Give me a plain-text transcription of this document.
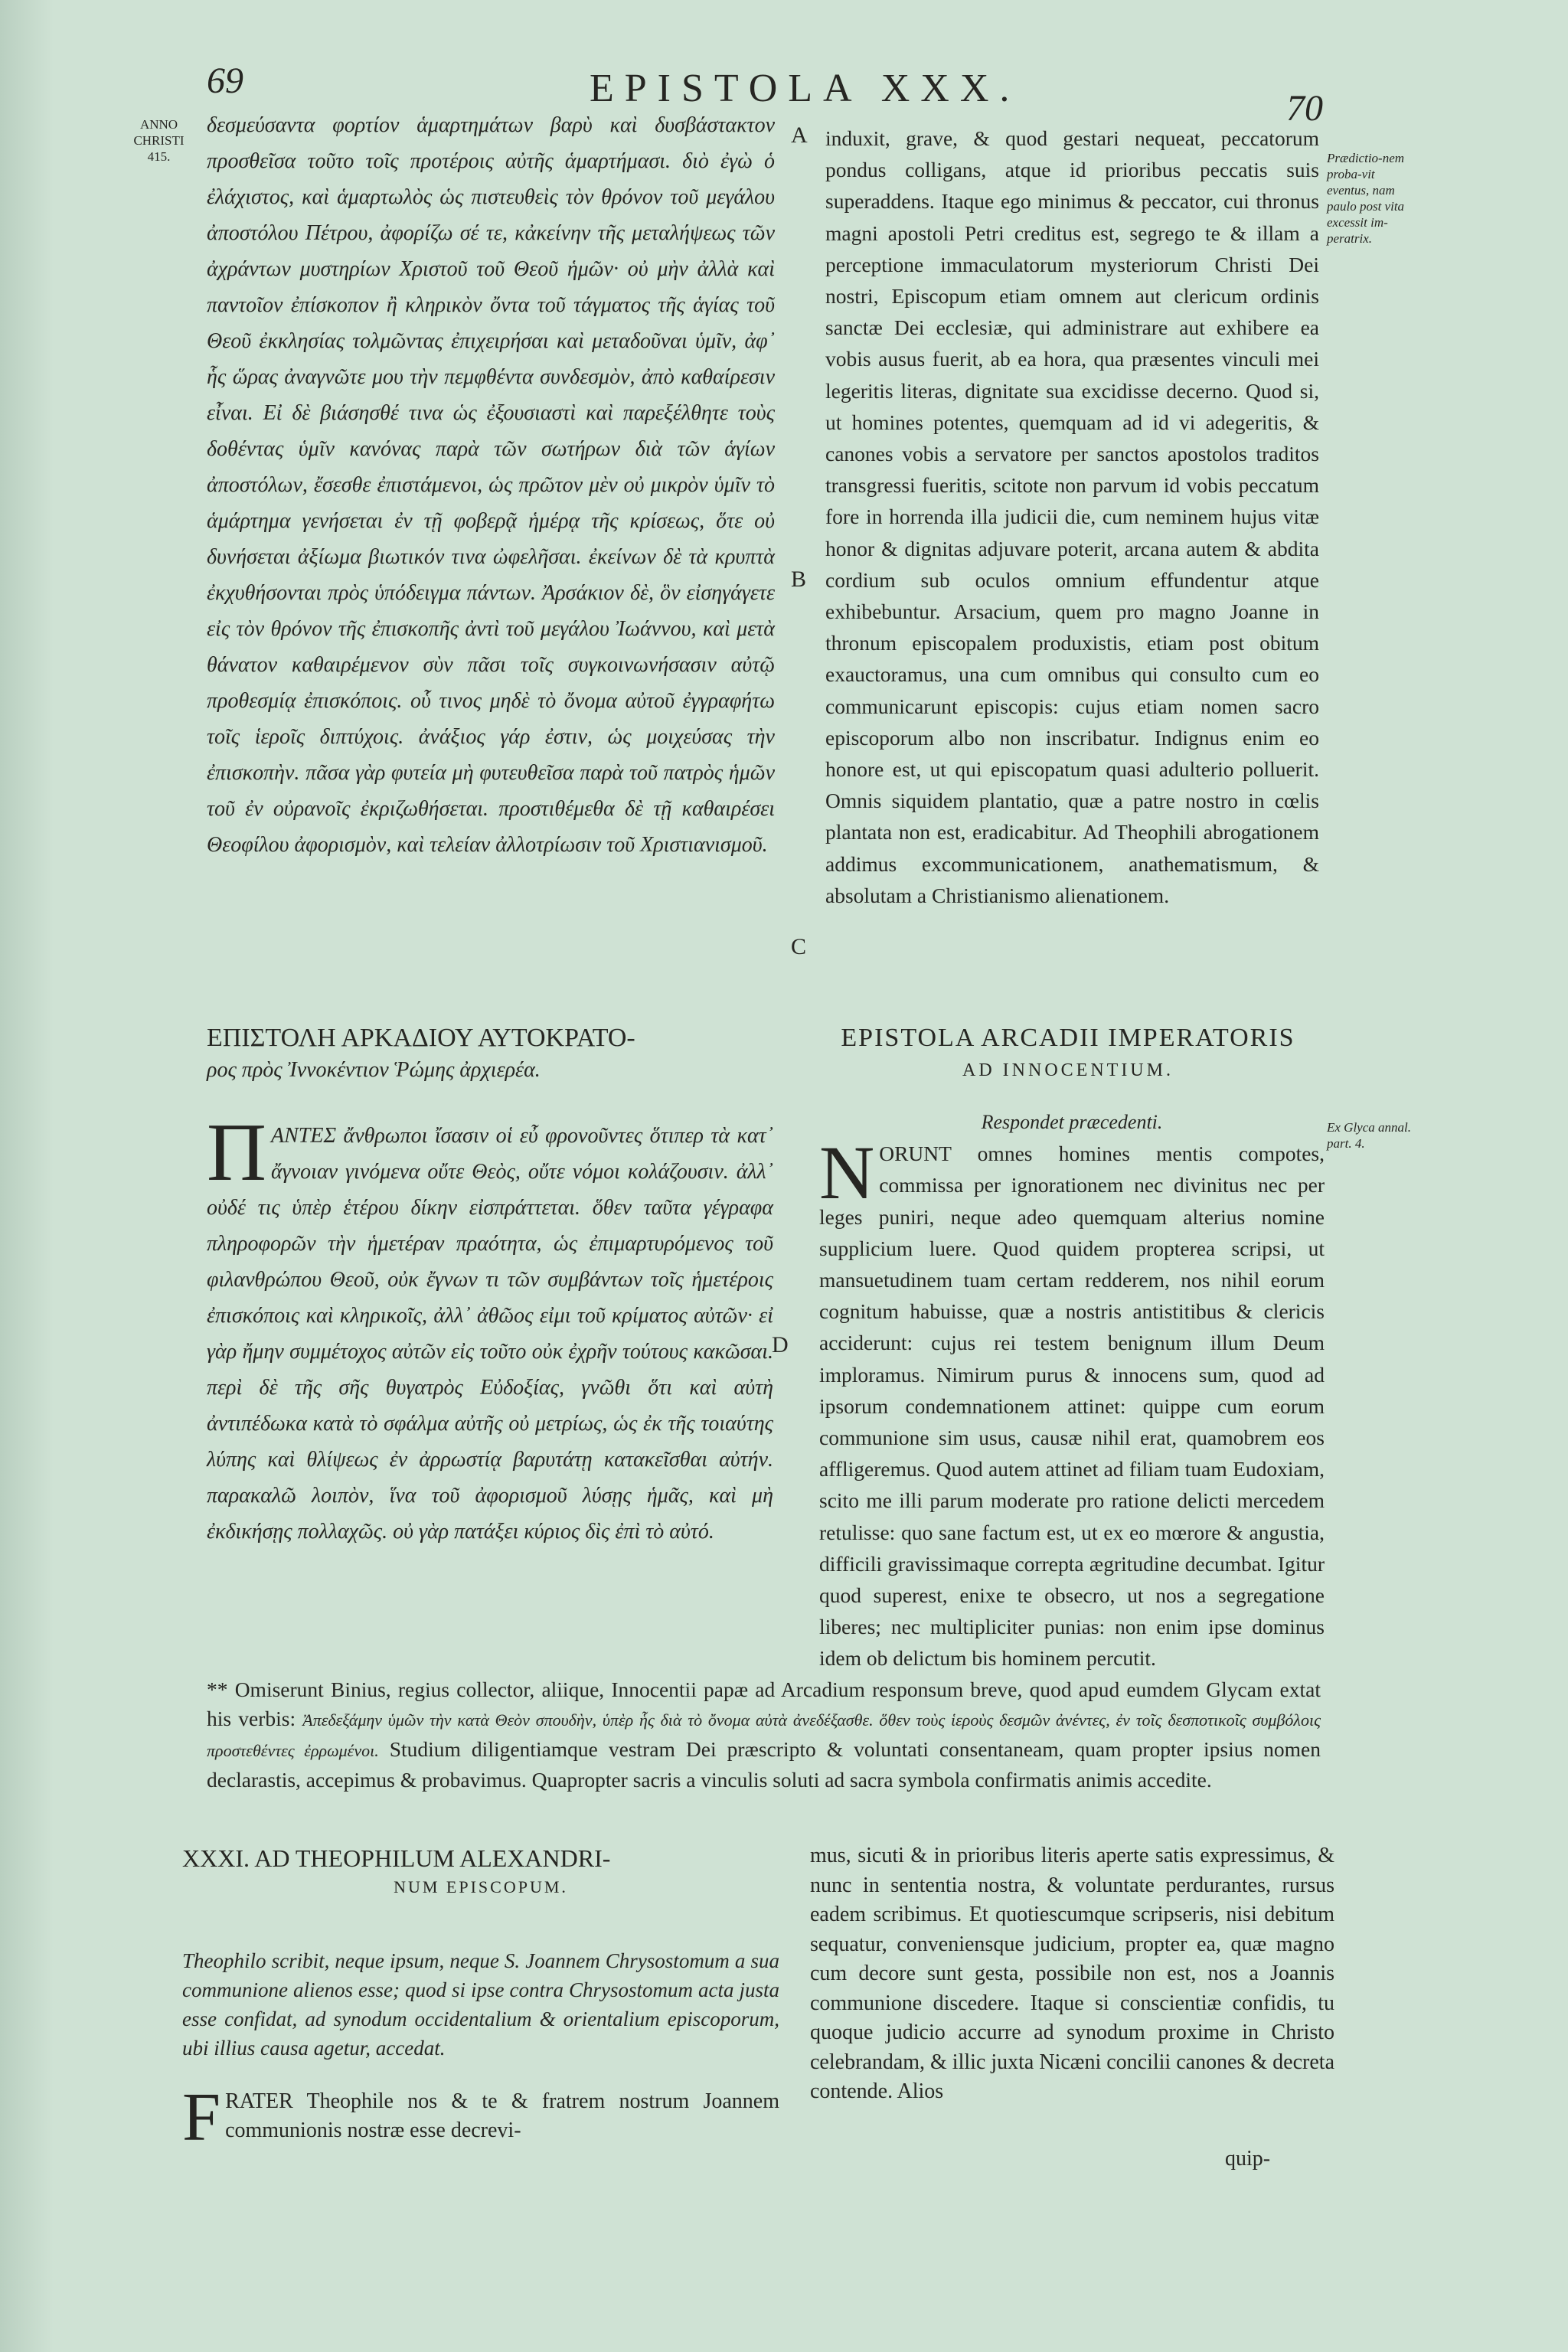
69	EPISTOLA XXX.	70
ANNO CHRISTI 415.	Prædictio-nem proba-vit eventus, nam paulo post vita excessit im-peratrix.
Ex Glyca annal. part. 4.
A
B
C
D

δεσμεύσαντα φορτίον ἁμαρτημάτων βαρὺ καὶ δυσβάστακτον προσθεῖσα τοῦτο τοῖς προτέροις αὐτῆς ἁμαρτήμασι. διὸ ἐγὼ ὁ ἐλάχιστος, καὶ ἁμαρτωλὸς ὡς πιστευθεὶς τὸν θρόνον τοῦ μεγάλου ἀποστόλου Πέτρου, ἀφορίζω σέ τε, κἀκείνην τῆς μεταλήψεως τῶν ἀχράντων μυστηρίων Χριστοῦ τοῦ Θεοῦ ἡμῶν· οὐ μὴν ἀλλὰ καὶ παντοῖον ἐπίσκοπον ἢ κληρικὸν ὄντα τοῦ τάγματος τῆς ἁγίας τοῦ Θεοῦ ἐκκλησίας τολμῶντας ἐπιχειρήσαι καὶ μεταδοῦναι ὑμῖν, ἀφ᾽ ἧς ὥρας ἀναγνῶτε μου τὴν πεμφθέντα συνδεσμὸν, ἀπὸ καθαίρεσιν εἶναι. Εἰ δὲ βιάσησθέ τινα ὡς ἐξουσιαστὶ καὶ παρεξέλθητε τοὺς δοθέντας ὑμῖν κανόνας παρὰ τῶν σωτήρων διὰ τῶν ἁγίων ἀποστόλων, ἔσεσθε ἐπιστάμενοι, ὡς πρῶτον μὲν οὐ μικρὸν ὑμῖν τὸ ἁμάρτημα γενήσεται ἐν τῇ φοβερᾷ ἡμέρᾳ τῆς κρίσεως, ὅτε οὐ δυνήσεται ἀξίωμα βιωτικόν τινα ὠφελῆσαι. ἐκείνων δὲ τὰ κρυπτὰ ἐκχυθήσονται πρὸς ὑπόδειγμα πάντων. Ἀρσάκιον δὲ, ὃν εἰσηγάγετε εἰς τὸν θρόνον τῆς ἐπισκοπῆς ἀντὶ τοῦ μεγάλου Ἰωάννου, καὶ μετὰ θάνατον καθαιρέμενον σὺν πᾶσι τοῖς συγκοινωνήσασιν αὐτῷ προθεσμίᾳ ἐπισκόποις. οὗ τινος μηδὲ τὸ ὄνομα αὐτοῦ ἐγγραφήτω τοῖς ἱεροῖς διπτύχοις. ἀνάξιος γάρ ἐστιν, ὡς μοιχεύσας τὴν ἐπισκοπὴν. πᾶσα γὰρ φυτεία μὴ φυτευθεῖσα παρὰ τοῦ πατρὸς ἡμῶν τοῦ ἐν οὐρανοῖς ἐκριζωθήσεται. προστιθέμεθα δὲ τῇ καθαιρέσει Θεοφίλου ἀφορισμὸν, καὶ τελείαν ἀλλοτρίωσιν τοῦ Χριστιανισμοῦ.

induxit, grave, & quod gestari nequeat, peccatorum pondus colligans, atque id prioribus peccatis suis superaddens. Itaque ego minimus & peccator, cui thronus magni apostoli Petri creditus est, segrego te & illam a perceptione immaculatorum mysteriorum Christi Dei nostri, Episcopum etiam omnem aut clericum ordinis sanctæ Dei ecclesiæ, qui administrare aut exhibere ea vobis ausus fuerit, ab ea hora, qua præsentes vinculi mei legeritis literas, dignitate sua excidisse decerno. Quod si, ut homines potentes, quemquam ad id vi adegeritis, & canones vobis a servatore per sanctos apostolos traditos transgressi fueritis, scitote non parvum id vobis peccatum fore in horrenda illa judicii die, cum neminem hujus vitæ honor & dignitas adjuvare poterit, arcana autem & abdita cordium sub oculos omnium effundentur atque exhibebuntur. Arsacium, quem pro magno Joanne in thronum episcopalem produxistis, etiam post obitum exauctoramus, una cum omnibus qui consulto cum eo communicarunt episcopis: cujus etiam nomen sacro episcoporum albo non inscribatur. Indignus enim eo honore est, ut qui episcopatum quasi adulterio polluerit. Omnis siquidem plantatio, quæ a patre nostro in cœlis plantata non est, eradicabitur. Ad Theophili abrogationem addimus excommunicationem, anathematismum, & absolutam a Christianismo alienationem.

ΕΠΙΣΤΟΛΗ ΑΡΚΑΔΙΟΥ ΑΥΤΟΚΡΑΤΟ-
ρος πρὸς Ἰννοκέντιον Ῥώμης ἀρχιερέα.
EPISTOLA ARCADII IMPERATORIS
AD INNOCENTIUM.
Π ΑΝΤΕΣ ἄνθρωποι ἴσασιν οἱ εὖ φρονοῦντες ὅτιπερ τὰ κατ᾽ ἄγνοιαν γινόμενα οὔτε Θεὸς, οὔτε νόμοι κολάζουσιν. ἀλλ᾽ οὐδέ τις ὑπὲρ ἑτέρου δίκην εἰσπράττεται. ὅθεν ταῦτα γέγραφα πληροφορῶν τὴν ἡμετέραν πραότητα, ὡς ἐπιμαρτυρόμενος τοῦ φιλανθρώπου Θεοῦ, οὐκ ἔγνων τι τῶν συμβάντων τοῖς ἡμετέροις ἐπισκόποις καὶ κληρικοῖς, ἀλλ᾽ ἀθῶος εἰμι τοῦ κρίματος αὐτῶν· εἰ γὰρ ἤμην συμμέτοχος αὐτῶν εἰς τοῦτο οὐκ ἐχρῆν τούτους κακῶσαι. περὶ δὲ τῆς σῆς θυγατρὸς Εὐδοξίας, γνῶθι ὅτι καὶ αὐτὴ ἀντιπέδωκα κατὰ τὸ σφάλμα αὐτῆς οὐ μετρίως, ὡς ἐκ τῆς τοιαύτης λύπης καὶ θλίψεως ἐν ἀρρωστίᾳ βαρυτάτῃ κατακεῖσθαι αὐτήν. παρακαλῶ λοιπὸν, ἵνα τοῦ ἀφορισμοῦ λύσῃς ἡμᾶς, καὶ μὴ ἐκδικήσῃς πολλαχῶς. οὐ γὰρ πατάξει κύριος δὶς ἐπὶ τὸ αὐτό.
Respondet præcedenti.
N ORUNT omnes homines mentis compotes, commissa per ignorationem nec divinitus nec per leges puniri, neque adeo quemquam alterius nomine supplicium luere. Quod quidem propterea scripsi, ut mansuetudinem tuam certam redderem, nos nihil eorum cognitum habuisse, quæ a nostris antistitibus & clericis acciderunt: cujus rei testem benignum illum Deum imploramus. Nimirum purus & innocens sum, quod ad ipsorum condemnationem attinet: quippe cum eorum communione sim usus, causæ nihil erat, quamobrem eos affligeremus. Quod autem attinet ad filiam tuam Eudoxiam, scito me illi parum moderate pro ratione delicti mercedem retulisse: quo sane factum est, ut ex eo mœrore & angustia, difficili gravissimaque correpta ægritudine decumbat. Igitur quod superest, enixe te obsecro, ut nos a segregatione liberes; nec multipliciter punias: non enim ipse dominus idem ob delictum bis hominem percutit.
** Omiserunt Binius, regius collector, aliique, Innocentii papæ ad Arcadium responsum breve, quod apud eumdem Glycam extat his verbis: Ἀπεδεξάμην ὑμῶν τὴν κατὰ Θεὸν σπουδὴν, ὑπὲρ ἧς διὰ τὸ ὄνομα αὐτὰ ἀνεδέξασθε. ὅθεν τοὺς ἱεροὺς δεσμῶν ἀνέντες, ἐν τοῖς δεσποτικοῖς συμβόλοις προστεθέντες ἐρρωμένοι. Studium diligentiamque vestram Dei præscripto & voluntati consentaneam, quam propter ipsius nomen declarastis, accepimus & probavimus. Quapropter sacris a vinculis soluti ad sacra symbola confirmatis animis accedite.
XXXI. AD THEOPHILUM ALEXANDRI-
NUM EPISCOPUM.
Theophilo scribit, neque ipsum, neque S. Joannem Chrysostomum a sua communione alienos esse; quod si ipse contra Chrysostomum acta justa esse confidat, ad synodum occidentalium & orientalium episcoporum, ubi illius causa agetur, accedat.
F RATER Theophile nos & te & fratrem nostrum Joannem communionis nostræ esse decrevi-
mus, sicuti & in prioribus literis aperte satis expressimus, & nunc in sententia nostra, & voluntate perdurantes, rursus eadem scribimus. Et quotiescumque scripseris, nisi debitum sequatur, conveniensque judicium, propter ea, quæ magno cum decore sunt gesta, possibile non est, nos a Joannis communione discedere. Itaque si conscientiæ confidis, tu quoque judicio accurre ad synodum proxime in Christo celebrandam, & illic juxta Nicæni concilii canones & decreta contende. Alios
quip-
